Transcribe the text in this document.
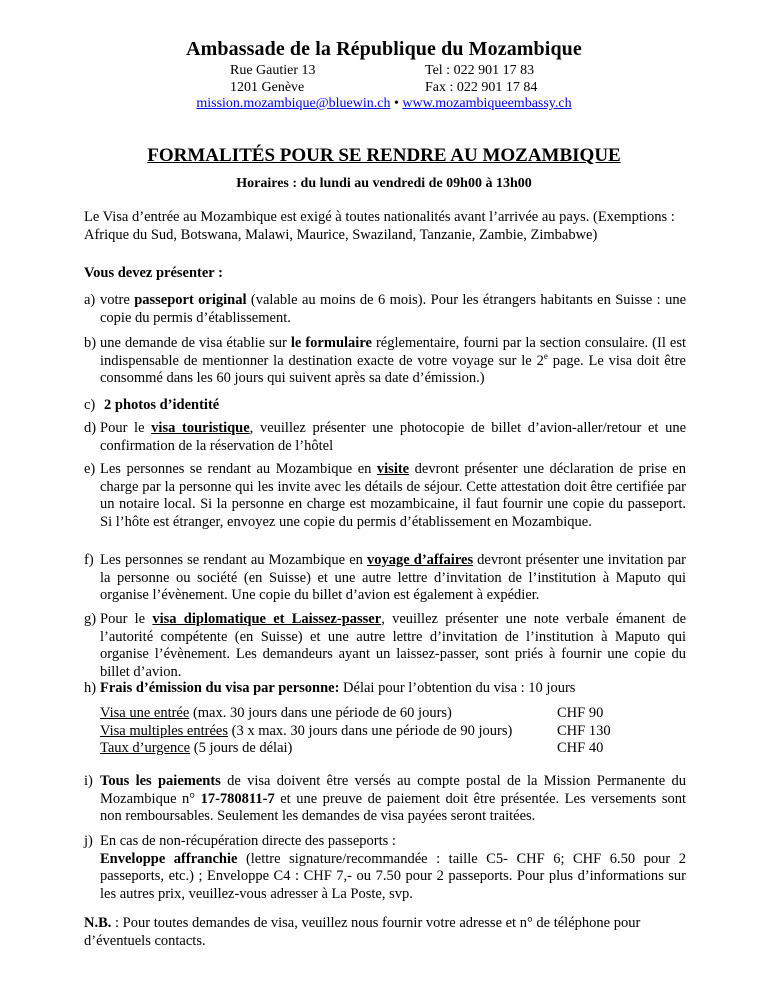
Ambassade de la République du Mozambique
Rue Gautier 13
1201 Genève
Tel : 022 901 17 83
Fax : 022 901 17 84
mission.mozambique@bluewin.ch • www.mozambiqueembassy.ch
FORMALITÉS POUR SE RENDRE AU MOZAMBIQUE
Horaires : du lundi au vendredi de 09h00 à 13h00
Le Visa d’entrée au Mozambique est exigé à toutes nationalités avant l’arrivée au pays. (Exemptions : Afrique du Sud, Botswana, Malawi, Maurice, Swaziland, Tanzanie, Zambie, Zimbabwe)
Vous devez présenter :
a) votre passeport original (valable au moins de 6 mois). Pour les étrangers habitants en Suisse : une copie du permis d’établissement.
b) une demande de visa établie sur le formulaire réglementaire, fourni par la section consulaire. (Il est indispensable de mentionner la destination exacte de votre voyage sur le 2e page. Le visa doit être consommé dans les 60 jours qui suivent après sa date d’émission.)
c) 2 photos d’identité
d) Pour le visa touristique, veuillez présenter une photocopie de billet d’avion-aller/retour et une confirmation de la réservation de l’hôtel
e) Les personnes se rendant au Mozambique en visite devront présenter une déclaration de prise en charge par la personne qui les invite avec les détails de séjour. Cette attestation doit être certifiée par un notaire local. Si la personne en charge est mozambicaine, il faut fournir une copie du passeport. Si l’hôte est étranger, envoyez une copie du permis d’établissement en Mozambique.
f) Les personnes se rendant au Mozambique en voyage d’affaires devront présenter une invitation par la personne ou société (en Suisse) et une autre lettre d’invitation de l’institution à Maputo qui organise l’évènement. Une copie du billet d’avion est également à expédier.
g) Pour le visa diplomatique et Laissez-passer, veuillez présenter une note verbale émanent de l’autorité compétente (en Suisse) et une autre lettre d’invitation de l’institution à Maputo qui organise l’évènement. Les demandeurs ayant un laissez-passer, sont priés à fournir une copie du billet d’avion.
h) Frais d’émission du visa par personne: Délai pour l’obtention du visa : 10 jours
Visa une entrée (max. 30 jours dans une période de 60 jours)	CHF 90
Visa multiples entrées (3 x max. 30 jours dans une période de 90 jours)	CHF 130
Taux d’urgence (5 jours de délai)	CHF 40
i) Tous les paiements de visa doivent être versés au compte postal de la Mission Permanente du Mozambique n° 17-780811-7 et une preuve de paiement doit être présentée. Les versements sont non remboursables. Seulement les demandes de visa payées seront traitées.
j) En cas de non-récupération directe des passeports :
Enveloppe affranchie (lettre signature/recommandée : taille C5- CHF 6; CHF 6.50 pour 2 passeports, etc.) ; Enveloppe C4 : CHF 7,- ou 7.50 pour 2 passeports. Pour plus d’informations sur les autres prix, veuillez-vous adresser à La Poste, svp.
N.B. : Pour toutes demandes de visa, veuillez nous fournir votre adresse et n° de téléphone pour d’éventuels contacts.
